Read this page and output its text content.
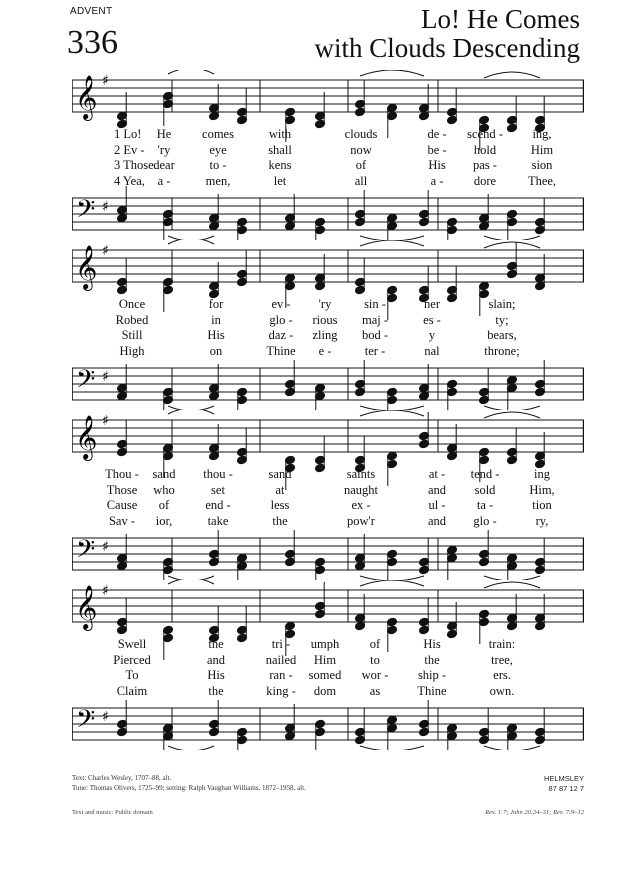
ADVENT
336
Lo! He Comes
with Clouds Descending
𝄞 ♯
𝄢 ♯
1 Lo! He comes	with	clouds	de - scend - ing,
2 Ev - 'ry	eye	shall	now	be - hold	Him
3 Those dear	to -	kens	of	His pas -	sion
4 Yea, a -	men,	let	all	a - dore	Thee,
𝄞 ♯
𝄢 ♯
Once	for	ev - 'ry	sin -	ner	slain;
Robed	in	glo - rious maj -	es -	ty;
Still	His	daz - zling bod -	y	bears,
High	on	Thine e -	ter -	nal	throne;
𝄞 ♯
𝄢 ♯
Thou - sand thou -	sand	saints	at - tend -	ing
Those who	set	at	naught	and sold	Him,
Cause of	end -	less	ex -	ul -	ta -	tion
Sav - ior,	take	the	pow'r	and glo -	ry,
𝄞 ♯
𝄢 ♯
Swell	the	tri - umph of	His	train:
Pierced	and	nailed Him	to	the	tree,
To	His	ran - somed wor - ship -	ers.
Claim	the	king - dom	as	Thine	own.
Text: Charles Wesley, 1707–88, alt.
Tune: Thomas Olivers, 1725–99; setting: Ralph Vaughan Williams, 1872–1958, alt.
HELMSLEY
87 87 12 7
Text and music: Public domain	Rev. 1:7; John 20:24–31; Rev. 7:9–12
